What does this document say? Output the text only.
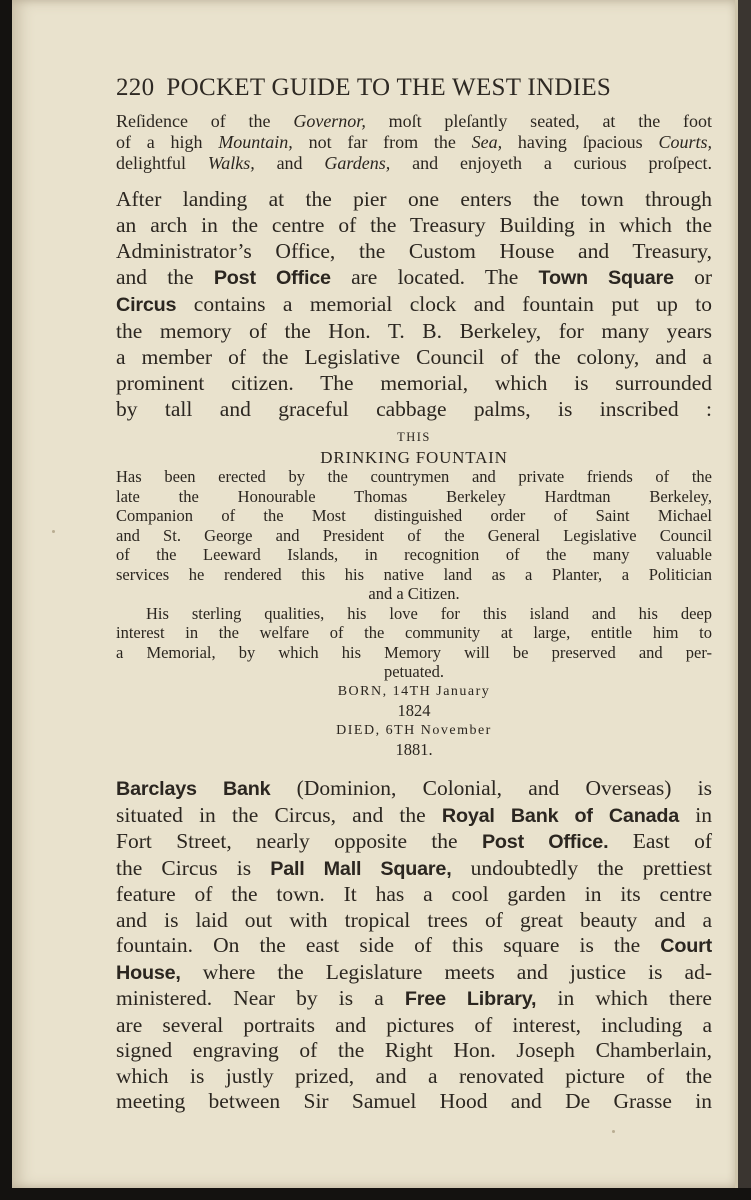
220 POCKET GUIDE TO THE WEST INDIES
Reſidence of the Governor, moſt pleſantly seated, at the foot
of a high Mountain, not far from the Sea, having ſpacious Courts,
delightful Walks, and Gardens, and enjoyeth a curious proſpect.
After landing at the pier one enters the town through
an arch in the centre of the Treasury Building in which the
Administrator’s Office, the Custom House and Treasury,
and the Post Office are located. The Town Square or
Circus contains a memorial clock and fountain put up to
the memory of the Hon. T. B. Berkeley, for many years
a member of the Legislative Council of the colony, and a
prominent citizen. The memorial, which is surrounded
by tall and graceful cabbage palms, is inscribed :
THIS
DRINKING FOUNTAIN
Has been erected by the countrymen and private friends of the
late the Honourable Thomas Berkeley Hardtman Berkeley,
Companion of the Most distinguished order of Saint Michael
and St. George and President of the General Legislative Council
of the Leeward Islands, in recognition of the many valuable
services he rendered this his native land as a Planter, a Politician
and a Citizen.
His sterling qualities, his love for this island and his deep
interest in the welfare of the community at large, entitle him to
a Memorial, by which his Memory will be preserved and per-
petuated.
BORN, 14TH January
1824
DIED, 6TH November
1881.
Barclays Bank (Dominion, Colonial, and Overseas) is
situated in the Circus, and the Royal Bank of Canada in
Fort Street, nearly opposite the Post Office. East of
the Circus is Pall Mall Square, undoubtedly the prettiest
feature of the town. It has a cool garden in its centre
and is laid out with tropical trees of great beauty and a
fountain. On the east side of this square is the Court
House, where the Legislature meets and justice is ad-
ministered. Near by is a Free Library, in which there
are several portraits and pictures of interest, including a
signed engraving of the Right Hon. Joseph Chamberlain,
which is justly prized, and a renovated picture of the
meeting between Sir Samuel Hood and De Grasse in
